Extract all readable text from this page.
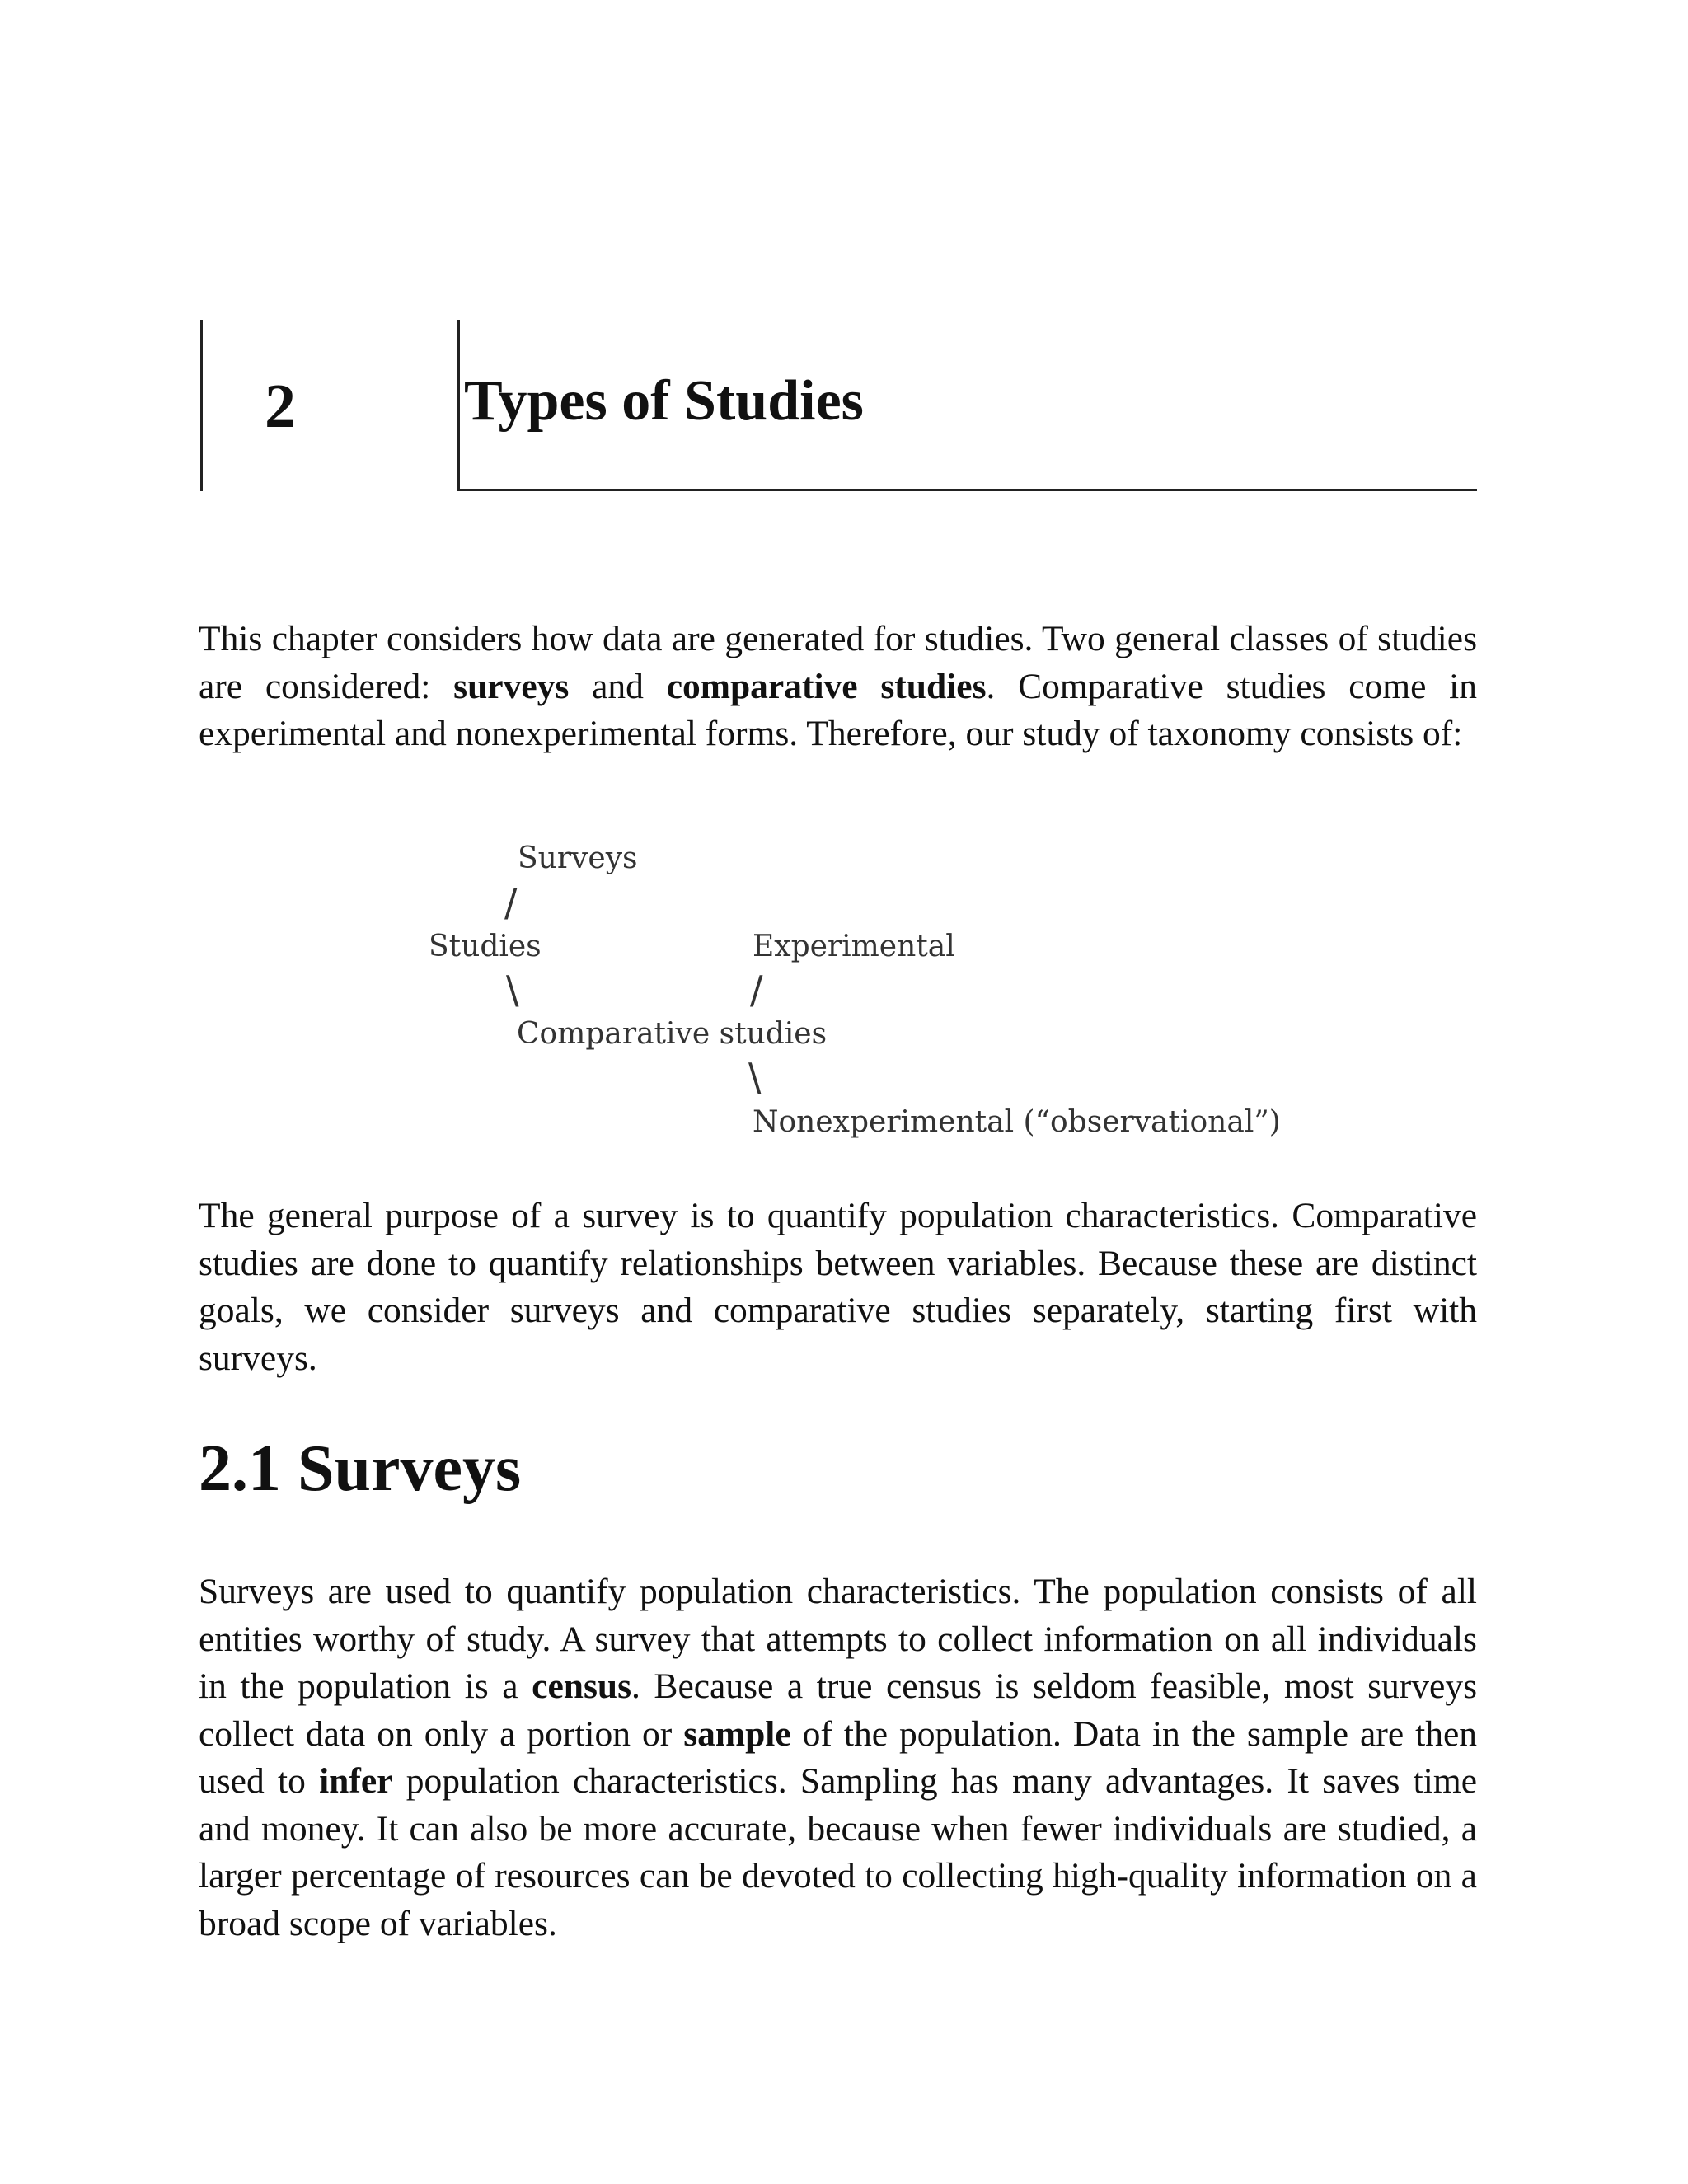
2	Types of Studies

This chapter considers how data are generated for studies. Two general classes of studies are considered: surveys and comparative studies. Comparative studies come in experimental and nonexperimental forms. Therefore, our study of taxonomy consists of:

Surveys
/
Studies	Experimental
\	/
Comparative studies
\
Nonexperimental (“observational”)

The general purpose of a survey is to quantify population characteristics. Comparative studies are done to quantify relationships between variables. Because these are distinct goals, we consider surveys and comparative studies separately, starting first with surveys.

2.1 Surveys

Surveys are used to quantify population characteristics. The population consists of all entities worthy of study. A survey that attempts to collect information on all individuals in the population is a census. Because a true census is seldom feasible, most surveys collect data on only a portion or sample of the population. Data in the sample are then used to infer population characteristics. Sampling has many advantages. It saves time and money. It can also be more accurate, because when fewer individuals are studied, a larger percentage of resources can be devoted to collecting high-quality information on a broad scope of variables.
